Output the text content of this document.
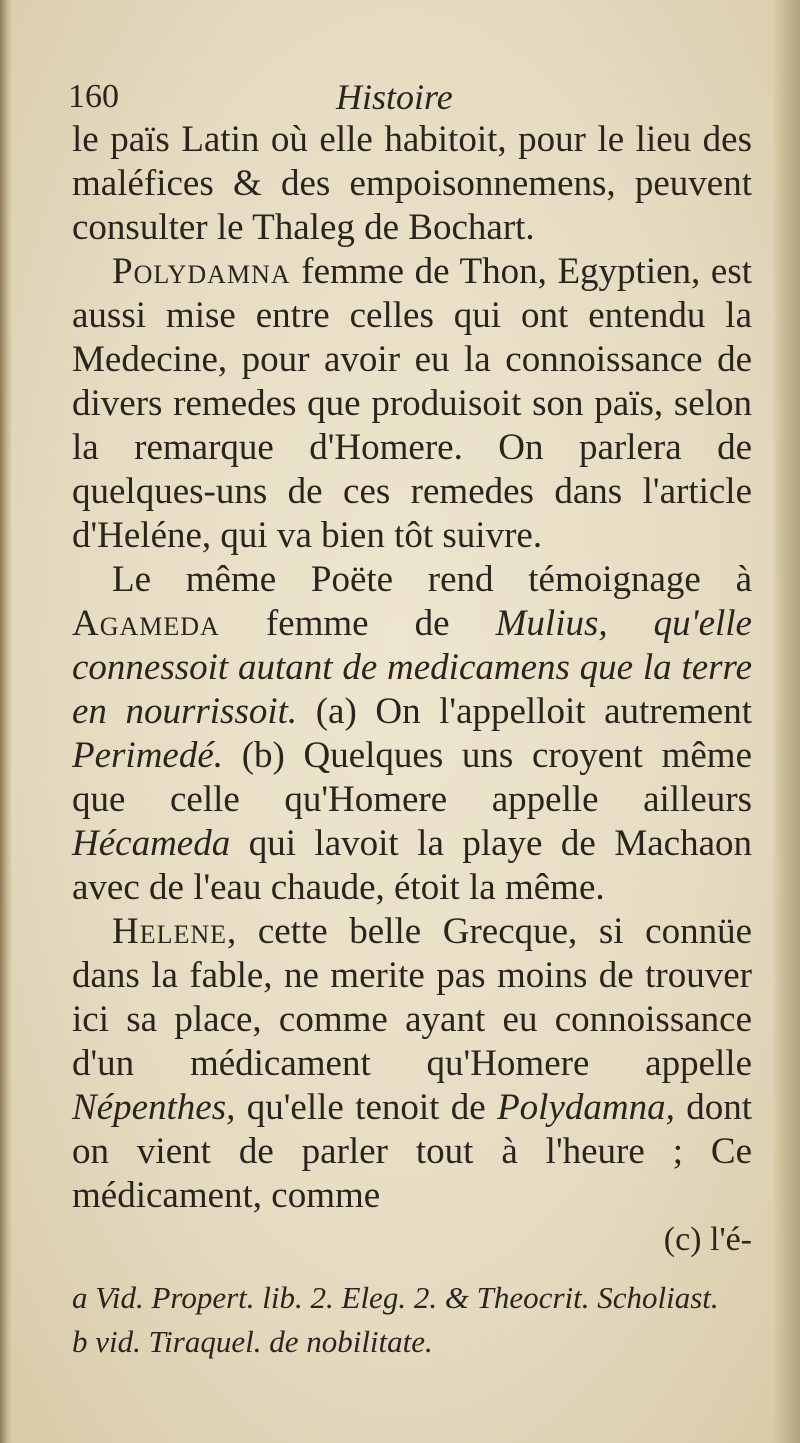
160	Histoire

le païs Latin où elle habitoit, pour le lieu des maléfices & des empoisonnemens, peuvent consulter le Thaleg de Bochart.

Polydamna femme de Thon, Egyptien, est aussi mise entre celles qui ont entendu la Medecine, pour avoir eu la connoissance de divers remedes que produisoit son païs, selon la remarque d'Homere. On parlera de quelques-uns de ces remedes dans l'article d'Heléne, qui va bien tôt suivre.

Le même Poëte rend témoignage à Agameda femme de Mulius, qu'elle connessoit autant de medicamens que la terre en nourrissoit. (a) On l'appelloit autrement Perimedé. (b) Quelques uns croyent même que celle qu'Homere appelle ailleurs Hécameda qui lavoit la playe de Machaon avec de l'eau chaude, étoit la même.

Helene, cette belle Grecque, si connüe dans la fable, ne merite pas moins de trouver ici sa place, comme ayant eu connoissance d'un médicament qu'Homere appelle Népenthes, qu'elle tenoit de Polydamna, dont on vient de parler tout à l'heure ; Ce médicament, comme

(c) l'é-

a Vid. Propert. lib. 2. Eleg. 2. & Theocrit. Scholiast.

b vid. Tiraquel. de nobilitate.
